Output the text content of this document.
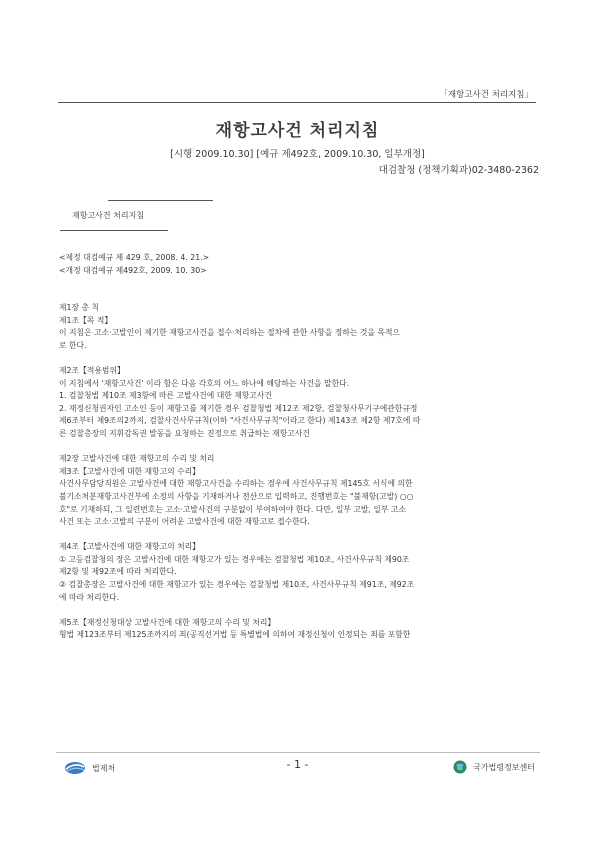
「재항고사건 처리지침」
재항고사건 처리지침
[시행 2009.10.30] [예규 제492호, 2009.10.30, 일부개정]
대검찰청 (정책기획과)02-3480-2362
재항고사건 처리지침

<제정 대검예규 제 429 호, 2008. 4. 21.>

<개정 대검예규 제492호, 2009. 10. 30>

제1장 총 칙

제1조【목 적】

이 지침은 고소·고발인이 제기한 재항고사건을 접수·처리하는 절차에 관한 사항을 정하는 것을 목적으

로 한다.

제2조【적용범위】

이 지침에서 '재항고사건' 이라 함은 다음 각호의 어느 하나에 해당하는 사건을 말한다.

1. 검찰청법 제10조 제3항에 따른 고발사건에 대한 재항고사건

2. 재정신청권자인 고소인 등이 재항고를 제기한 경우 검찰청법 제12조 제2항, 검찰청사무기구에관한규정

제6조부터 제9조의2까지, 검찰사건사무규칙(이하 "사건사무규칙"이라고 한다) 제143조 제2항 제7호에 따

른 검찰총장의 지휘감독권 발동을 요청하는 진정으로 취급하는 재항고사건

제2장 고발사건에 대한 재항고의 수리 및 처리

제3조【고발사건에 대한 재항고의 수리】

사건사무담당직원은 고발사건에 대한 재항고사건을 수리하는 경우에 사건사무규칙 제145호 서식에 의한

불기소처분재항고사건부에 소정의 사항을 기재하거나 전산으로 입력하고, 진행번호는 "불재항(고발) ○○

호"로 기재하되, 그 일련번호는 고소·고발사건의 구분없이 부여하여야 한다. 다만, 일부 고발, 일부 고소

사건 또는 고소·고발의 구분이 어려운 고발사건에 대한 재항고로 접수한다.

제4조【고발사건에 대한 재항고의 처리】

① 고등검찰청의 장은 고발사건에 대한 재항고가 있는 경우에는 검찰청법 제10조, 사건사무규칙 제90조

제2항 및 제92조에 따라 처리한다.

② 검찰총장은 고발사건에 대한 재항고가 있는 경우에는 검찰청법 제10조, 사건사무규칙 제91조, 제92조

에 따라 처리한다.

제5조【재정신청대상 고발사건에 대한 재항고의 수리 및 처리】

형법 제123조부터 제125조까지의 죄(공직선거법 등 특별법에 의하여 재정신청이 인정되는 죄를 포함한

법제처	- 1 -	국가법령정보센터
